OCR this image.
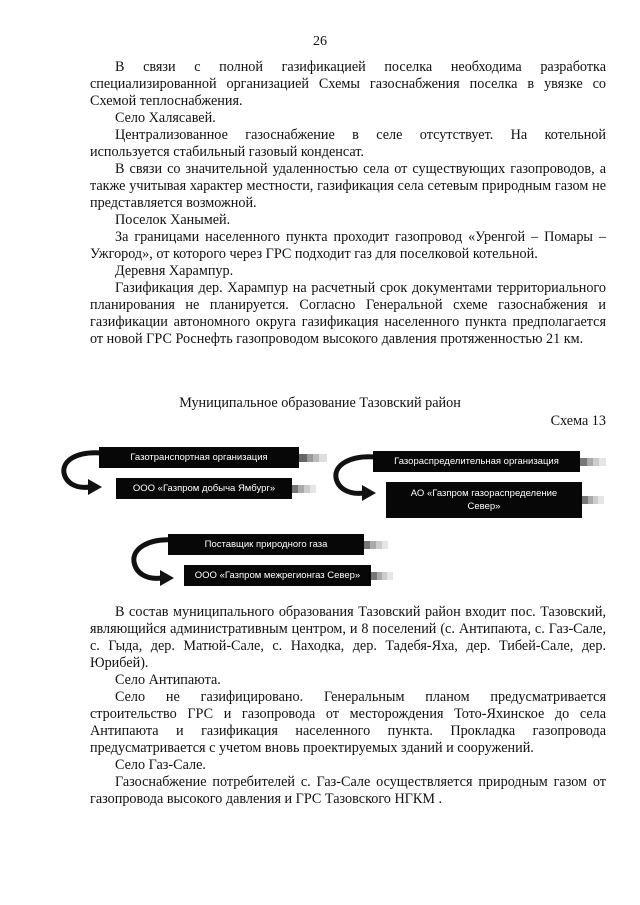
26

В связи с полной газификацией поселка необходима разработка специализированной организацией Схемы газоснабжения поселка в увязке со Схемой теплоснабжения.

Село Халясавей.

Централизованное газоснабжение в селе отсутствует. На котельной используется стабильный газовый конденсат.

В связи со значительной удаленностью села от существующих газопроводов, а также учитывая характер местности, газификация села сетевым природным газом не представляется возможной.

Поселок Ханымей.

За границами населенного пункта проходит газопровод «Уренгой – Помары – Ужгород», от которого через ГРС подходит газ для поселковой котельной.

Деревня Харампур.

Газификация дер. Харампур на расчетный срок документами территориального планирования не планируется. Согласно Генеральной схеме газоснабжения и газификации автономного округа газификация населенного пункта предполагается от новой ГРС Роснефть газопроводом высокого давления протяженностью 21 км.

Муниципальное образование Тазовский район
Схема 13
Газотранспортная организация
ООО «Газпром добыча Ямбург»
Газораспределительная организация
АО «Газпром газораспределение Север»
Поставщик природного газа
ООО «Газпром межрегионгаз Север»

В состав муниципального образования Тазовский район входит пос. Тазовский, являющийся административным центром, и 8 поселений (с. Антипаюта, с. Газ-Сале, с. Гыда, дер. Матюй-Сале, с. Находка, дер. Тадебя-Яха, дер. Тибей-Сале, дер. Юрибей).

Село Антипаюта.

Село не газифицировано. Генеральным планом предусматривается строительство ГРС и газопровода от месторождения Тото-Яхинское до села Антипаюта и газификация населенного пункта. Прокладка газопровода предусматривается с учетом вновь проектируемых зданий и сооружений.

Село Газ-Сале.

Газоснабжение потребителей с. Газ-Сале осуществляется природным газом от газопровода высокого давления и ГРС Тазовского НГКМ .
